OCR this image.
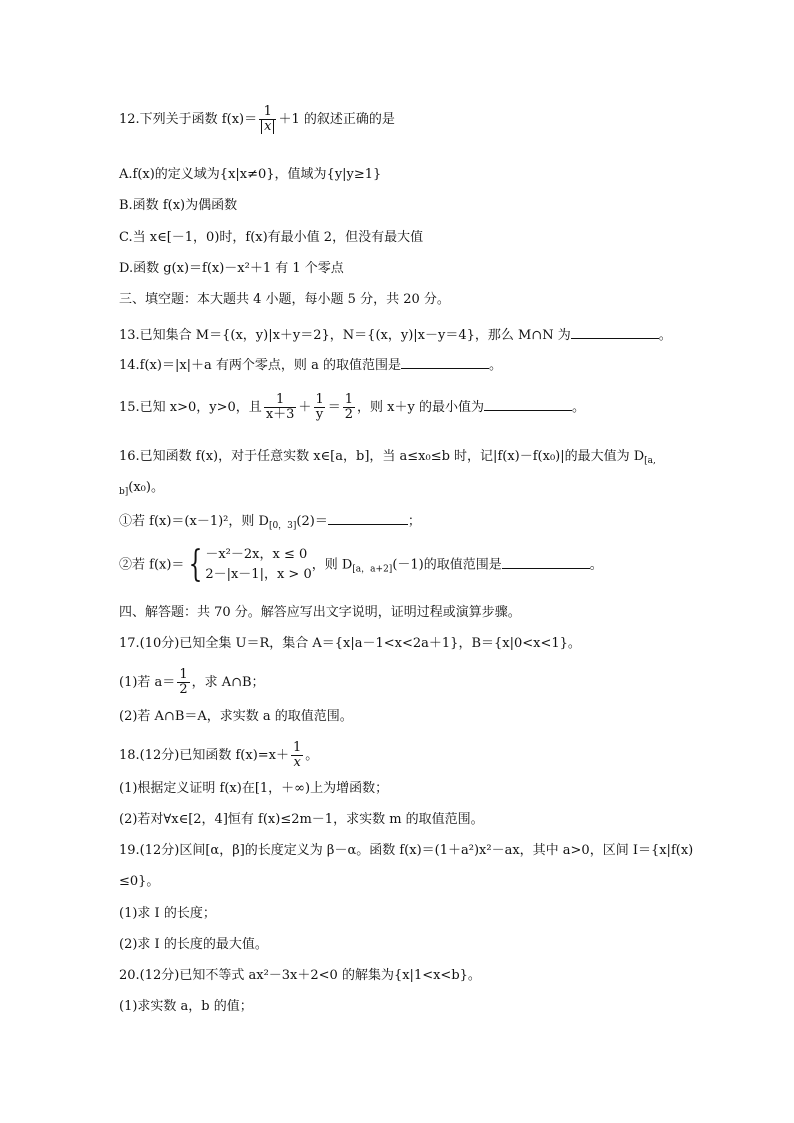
12.下列关于函数 $f(x)= \frac{1}{x} +1$ 的叙述正确的是
A.f(x)的定义域为{x|x≠0}，值域为{y|y≥1}
B.函数 f(x)为偶函数
C.当 x∈[－1，0)时，f(x)有最小值 2，但没有最大值
D.函数 g(x)＝f(x)－x²＋1 有 1 个零点
三、填空题：本大题共 4 小题，每小题 5 分，共 20 分。
13.已知集合 M＝{(x，y)|x＋y＝2}，N＝{(x，y)|x－y＝4}，那么 M∩N 为	。
14.f(x)＝|x|＋a 有两个零点，则 a 的取值范围是	。
15.已知 x>0，y>0，且 $\frac{1}{x+3} + \frac{1}{y} = \frac{1}{2}$ ，则 x＋y 的最小值为	。
16.已知函数 f(x)，对于任意实数 x∈[a，b]，当 a≤x₀≤b 时，记|f(x)－f(x₀)|的最大值为 $D_{[a,}$
$_{b]}$(x₀)。
①若 f(x)＝(x－1)²，则 $D_{[0,3]}(2)=$	；
②若 f(x)＝ { －x²－2x，x ≤ 0
2－|x－1|，x > 0
，则 $D_{[a,a+2]}(-1)$的取值范围是	。
四、解答题：共 70 分。解答应写出文字说明，证明过程或演算步骤。
17.(10分)已知全集 U＝R，集合 A＝{x|a－1<x<2a＋1}，B＝{x|0<x<1}。
(1)若 $a= \frac{1}{2}$ ，求 A∩B；
(2)若 A∩B＝A，求实数 a 的取值范围。
18.(12分)已知函数 $f(x)=x+ \frac{1}{x}$ 。
(1)根据定义证明 f(x)在[1，＋∞)上为增函数；
(2)若对∀x∈[2，4]恒有 f(x)≤2m－1，求实数 m 的取值范围。
19.(12分)区间[α，β]的长度定义为 β－α。函数 f(x)＝(1＋a²)x²－ax，其中 a>0，区间 I＝{x|f(x)
≤0}。
(1)求 I 的长度；
(2)求 I 的长度的最大值。
20.(12分)已知不等式 ax²－3x＋2<0 的解集为{x|1<x<b}。
(1)求实数 a，b 的值；
